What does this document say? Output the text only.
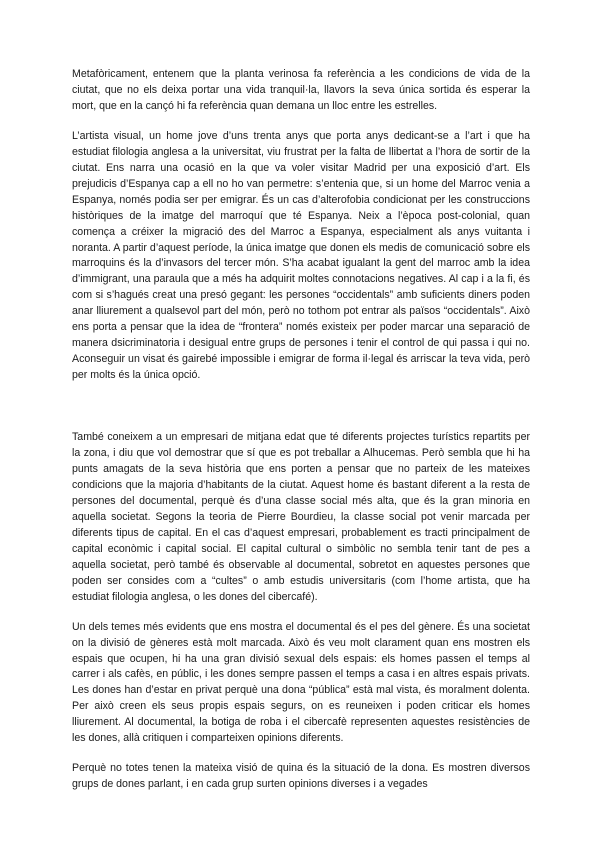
Metafòricament, entenem que la planta verinosa fa referència a les condicions de vida de la ciutat, que no els deixa portar una vida tranquil·la, llavors la seva única sortida és esperar la mort, que en la cançó hi fa referència quan demana un lloc entre les estrelles.

L’artista visual, un home jove d’uns trenta anys que porta anys dedicant-se a l’art i que ha estudiat filologia anglesa a la universitat, viu frustrat per la falta de llibertat a l’hora de sortir de la ciutat. Ens narra una ocasió en la que va voler visitar Madrid per una exposició d’art. Els prejudicis d’Espanya cap a ell no ho van permetre: s’entenia que, si un home del Marroc venia a Espanya, només podia ser per emigrar. És un cas d’alterofobia condicionat per les construccions històriques de la imatge del marroquí que té Espanya. Neix a l’època post-colonial, quan comença a créixer la migració des del Marroc a Espanya, especialment als anys vuitanta i noranta. A partir d’aquest període, la única imatge que donen els medis de comunicació sobre els marroquins és la d’invasors del tercer món. S’ha acabat igualant la gent del marroc amb la idea d’immigrant, una paraula que a més ha adquirit moltes connotacions negatives. Al cap i a la fi, és com si s’hagués creat una presó gegant: les persones “occidentals” amb suficients diners poden anar lliurement a qualsevol part del món, però no tothom pot entrar als països “occidentals”. Això ens porta a pensar que la idea de “frontera” només existeix per poder marcar una separació de manera dsicriminatoria i desigual entre grups de persones i tenir el control de qui passa i qui no. Aconseguir un visat és gairebé impossible i emigrar de forma il·legal és arriscar la teva vida, però per molts és la única opció.

També coneixem a un empresari de mitjana edat que té diferents projectes turístics repartits per la zona, i diu que vol demostrar que sí que es pot treballar a Alhucemas. Però sembla que hi ha punts amagats de la seva història que ens porten a pensar que no parteix de les mateixes condicions que la majoria d’habitants de la ciutat. Aquest home és bastant diferent a la resta de persones del documental, perquè és d’una classe social més alta, que és la gran minoria en aquella societat. Segons la teoria de Pierre Bourdieu, la classe social pot venir marcada per diferents tipus de capital. En el cas d’aquest empresari, probablement es tracti principalment de capital econòmic i capital social. El capital cultural o simbòlic no sembla tenir tant de pes a aquella societat, però també és observable al documental, sobretot en aquestes persones que poden ser consides com a “cultes” o amb estudis universitaris (com l’home artista, que ha estudiat filologia anglesa, o les dones del cibercafé).

Un dels temes més evidents que ens mostra el documental és el pes del gènere. És una societat on la divisió de gèneres està molt marcada. Això és veu molt clarament quan ens mostren els espais que ocupen, hi ha una gran divisió sexual dels espais: els homes passen el temps al carrer i als cafès, en públic, i les dones sempre passen el temps a casa i en altres espais privats. Les dones han d’estar en privat perquè una dona “pública” està mal vista, és moralment dolenta. Per això creen els seus propis espais segurs, on es reuneixen i poden criticar els homes lliurement. Al documental, la botiga de roba i el cibercafè representen aquestes resistències de les dones, allà critiquen i comparteixen opinions diferents.

Perquè no totes tenen la mateixa visió de quina és la situació de la dona. Es mostren diversos grups de dones parlant, i en cada grup surten opinions diverses i a vegades
